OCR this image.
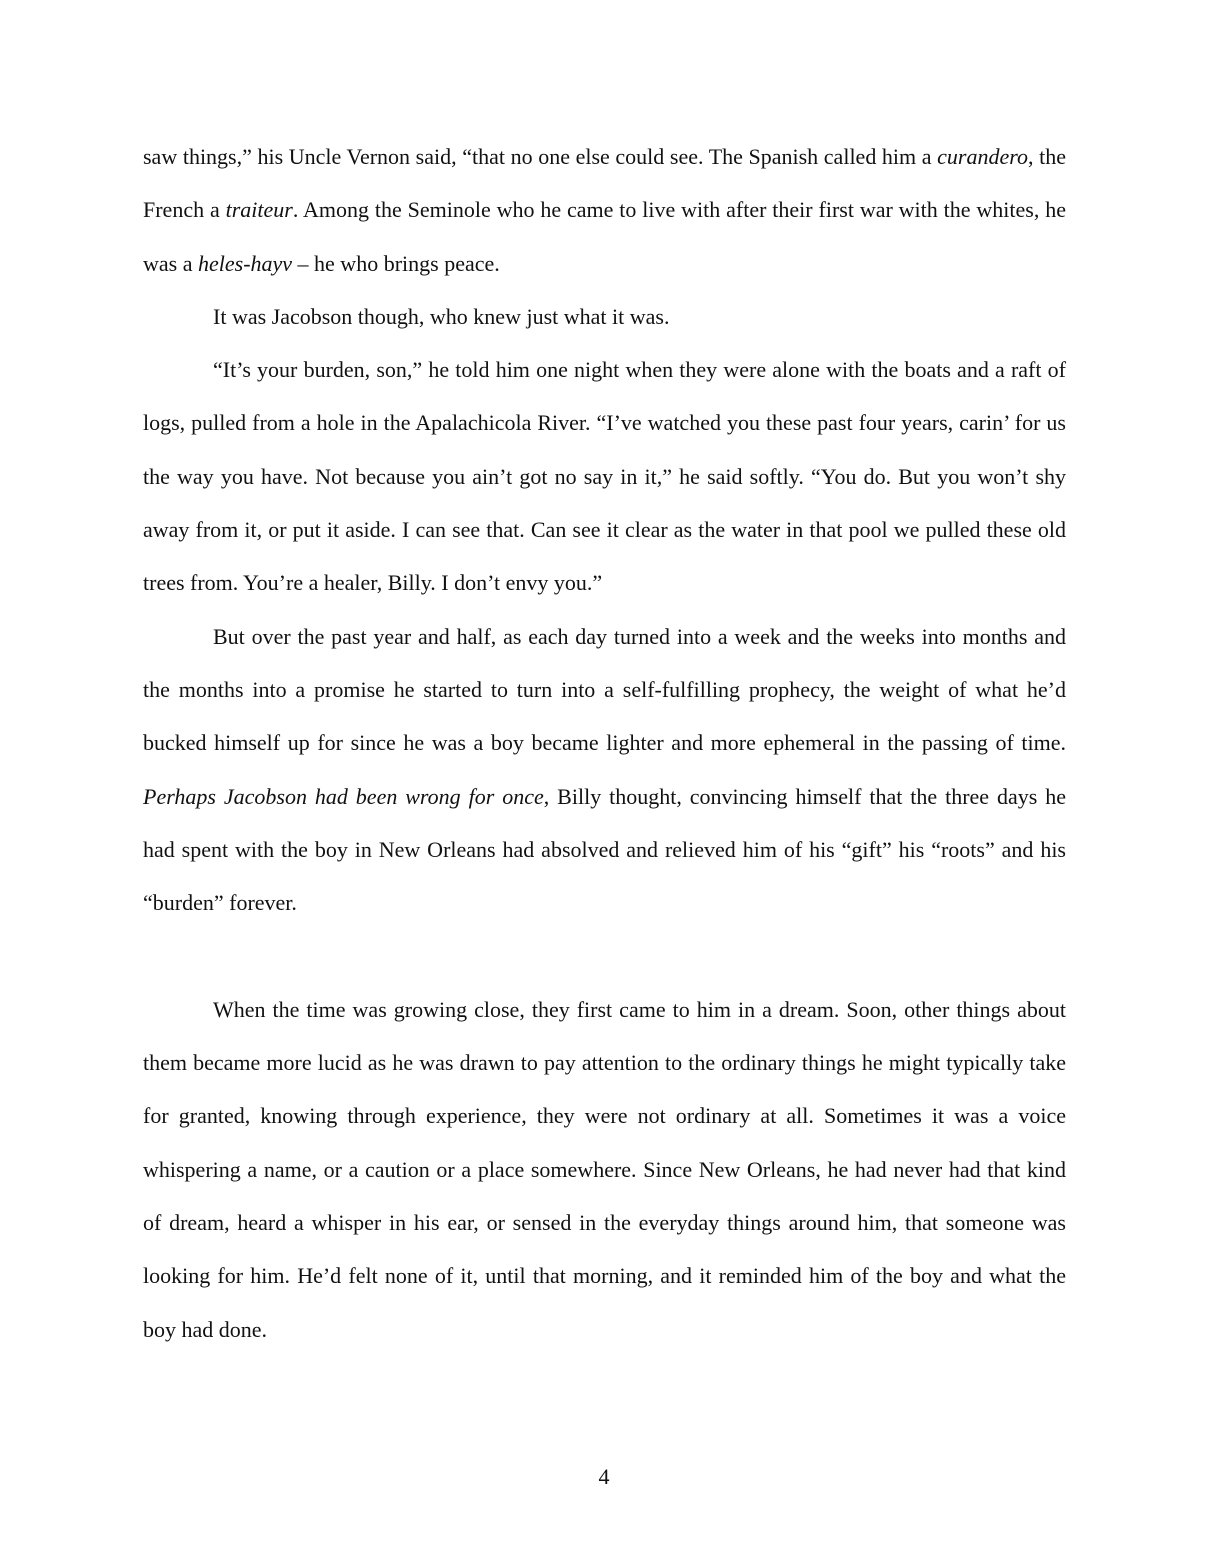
saw things,” his Uncle Vernon said, “that no one else could see. The Spanish called him a curandero, the French a traiteur. Among the Seminole who he came to live with after their first war with the whites, he was a heles-hayv – he who brings peace.

It was Jacobson though, who knew just what it was.

“It’s your burden, son,” he told him one night when they were alone with the boats and a raft of logs, pulled from a hole in the Apalachicola River. “I’ve watched you these past four years, carin’ for us the way you have. Not because you ain’t got no say in it,” he said softly. “You do. But you won’t shy away from it, or put it aside. I can see that. Can see it clear as the water in that pool we pulled these old trees from. You’re a healer, Billy. I don’t envy you.”

But over the past year and half, as each day turned into a week and the weeks into months and the months into a promise he started to turn into a self-fulfilling prophecy, the weight of what he’d bucked himself up for since he was a boy became lighter and more ephemeral in the passing of time. Perhaps Jacobson had been wrong for once, Billy thought, convincing himself that the three days he had spent with the boy in New Orleans had absolved and relieved him of his “gift” his “roots” and his “burden” forever.

When the time was growing close, they first came to him in a dream. Soon, other things about them became more lucid as he was drawn to pay attention to the ordinary things he might typically take for granted, knowing through experience, they were not ordinary at all. Sometimes it was a voice whispering a name, or a caution or a place somewhere. Since New Orleans, he had never had that kind of dream, heard a whisper in his ear, or sensed in the everyday things around him, that someone was looking for him. He’d felt none of it, until that morning, and it reminded him of the boy and what the boy had done.

4
